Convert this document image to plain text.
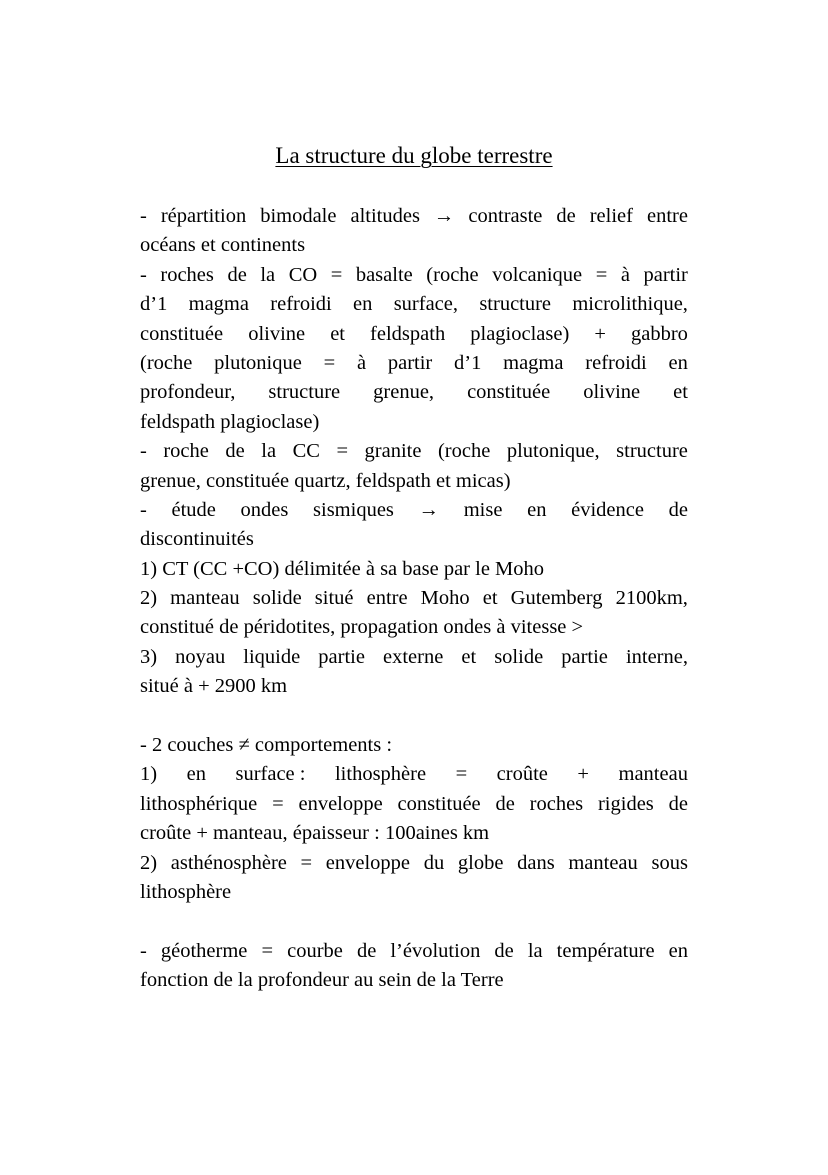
La structure du globe terrestre
- répartition bimodale altitudes → contraste de relief entre
océans et continents
- roches de la CO = basalte (roche volcanique = à partir
d’1 magma refroidi en surface, structure microlithique,
constituée olivine et feldspath plagioclase) + gabbro
(roche plutonique = à partir d’1 magma refroidi en
profondeur, structure grenue, constituée olivine et
feldspath plagioclase)
- roche de la CC = granite (roche plutonique, structure
grenue, constituée quartz, feldspath et micas)
- étude ondes sismiques → mise en évidence de
discontinuités
1) CT (CC +CO) délimitée à sa base par le Moho
2) manteau solide situé entre Moho et Gutemberg 2100km,
constitué de péridotites, propagation ondes à vitesse >
3) noyau liquide partie externe et solide partie interne,
situé à + 2900 km
- 2 couches ≠ comportements :
1) en surface : lithosphère = croûte + manteau
lithosphérique = enveloppe constituée de roches rigides de
croûte + manteau, épaisseur : 100aines km
2) asthénosphère = enveloppe du globe dans manteau sous
lithosphère
- géotherme = courbe de l’évolution de la température en
fonction de la profondeur au sein de la Terre
